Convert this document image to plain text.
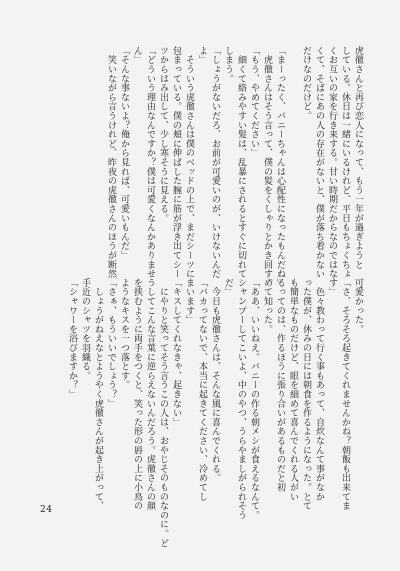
虎徹さんと再び恋人になって、もう一年が過ぎようと
している。休日は一緒にいるけれど、平日もちょくちょ
くお互いの家を行き来する。甘い時期だからなのではな
くて、そばにあの人の存在がないと、僕が落ち着かない
だけなのだけど。

「まーったく、バニーちゃんは心配性になったもんだね」
　虎徹さんはそう言って、僕の髪をくしゃりとかき回す。
「もう、やめてください」
　細くて絡みやすい髪は、乱暴にされるとすぐに切れて
しまう。
「しょうがないだろ、お前が可愛いのが、いけないんだ
よ」
　そういう虎徹さんは僕のベッドの上で、まだシーツに
包まっている。僕の頬に伸ばした腕に筋が浮き出てシー
ツからはみ出して、少し寒そうに見える。
「どういう理由なんですか？僕は可愛くなんかありませ
ん」
「そんな事ないよ？俺から見れば、可愛いもんだ」
　笑いながら言うけれど、昨夜の虎徹さんのほうが断然
可愛かった。
「さ、そろそろ起きてくれませんかね？朝飯も出来てま
す」
　色々教わって行く事もあって、自炊なんて事がなか
った僕が、休みの日には朝食を作るようになった。とて
も簡単なものだけど、眼を細めて喜んでくれる人がい
るってのは、作るほうに張り合いがあるものだと初
めて知った。
「ああ、いいねえ。バニーの作る朝メシが食えるなんて。
シャンプーしてこいよ、中のやつ、うらやましがられそう
だ」
　今日も虎徹さんは、そんな風に喜んでくれる。
「バカってないで、本当に起きてください、冷めてし
まいます」
「キスしてくれなきゃ、起きない」
　にやりと笑ってそう言うこの人は、おやじそのものなのに。ど
うしてこんな言葉に逆らえないんだろう。虎徹さんの顔
を挟むように両手をつくと、笑った形の唇の上に小鳥の
ようなキスを一つ落とす。
「さぁ、もういいでしょう？」
　しょうがねえなとようやく虎徹さんが起き上がって、
手近のシャツを羽織る。
「シャワーを浴びますか？」
24
